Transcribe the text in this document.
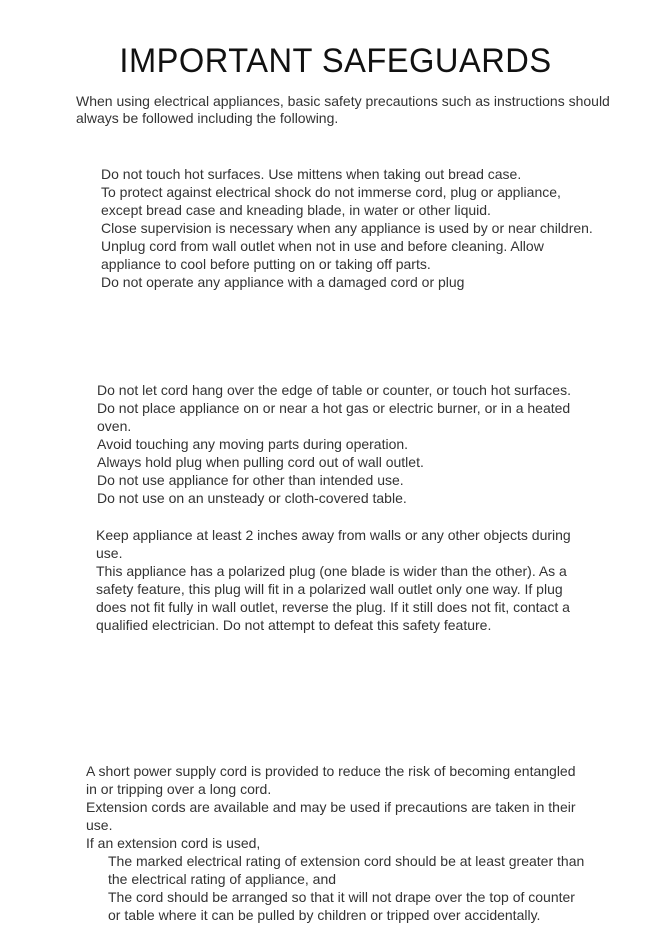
IMPORTANT SAFEGUARDS
When using electrical appliances, basic safety precautions such as instructions should always be followed including the following.
Do not touch hot surfaces. Use mittens when taking out bread case.
To protect against electrical shock do not immerse cord, plug or appliance,
except bread case and kneading blade, in water or other liquid.
Close supervision is necessary when any appliance is used by or near children.
Unplug cord from wall outlet when not in use and before cleaning. Allow
appliance to cool before putting on or taking off parts.
Do not operate any appliance with a damaged cord or plug
Do not let cord hang over the edge of table or counter, or touch hot surfaces.
Do not place appliance on or near a hot gas or electric burner, or in a heated
oven.
Avoid touching any moving parts during operation.
Always hold plug when pulling cord out of wall outlet.
Do not use appliance for other than intended use.
Do not use on an unsteady or cloth-covered table.
Keep appliance at least 2 inches away from walls or any other objects during
use.
This appliance has a polarized plug (one blade is wider than the other). As a
safety feature, this plug will fit in a polarized wall outlet only one way. If plug
does not fit fully in wall outlet, reverse the plug. If it still does not fit, contact a
qualified electrician. Do not attempt to defeat this safety feature.
A short power supply cord is provided to reduce the risk of becoming entangled
in or tripping over a long cord.
Extension cords are available and may be used if precautions are taken in their
use.
If an extension cord is used,
The marked electrical rating of extension cord should be at least greater than
the electrical rating of appliance, and
The cord should be arranged so that it will not drape over the top of counter
or table where it can be pulled by children or tripped over accidentally.
